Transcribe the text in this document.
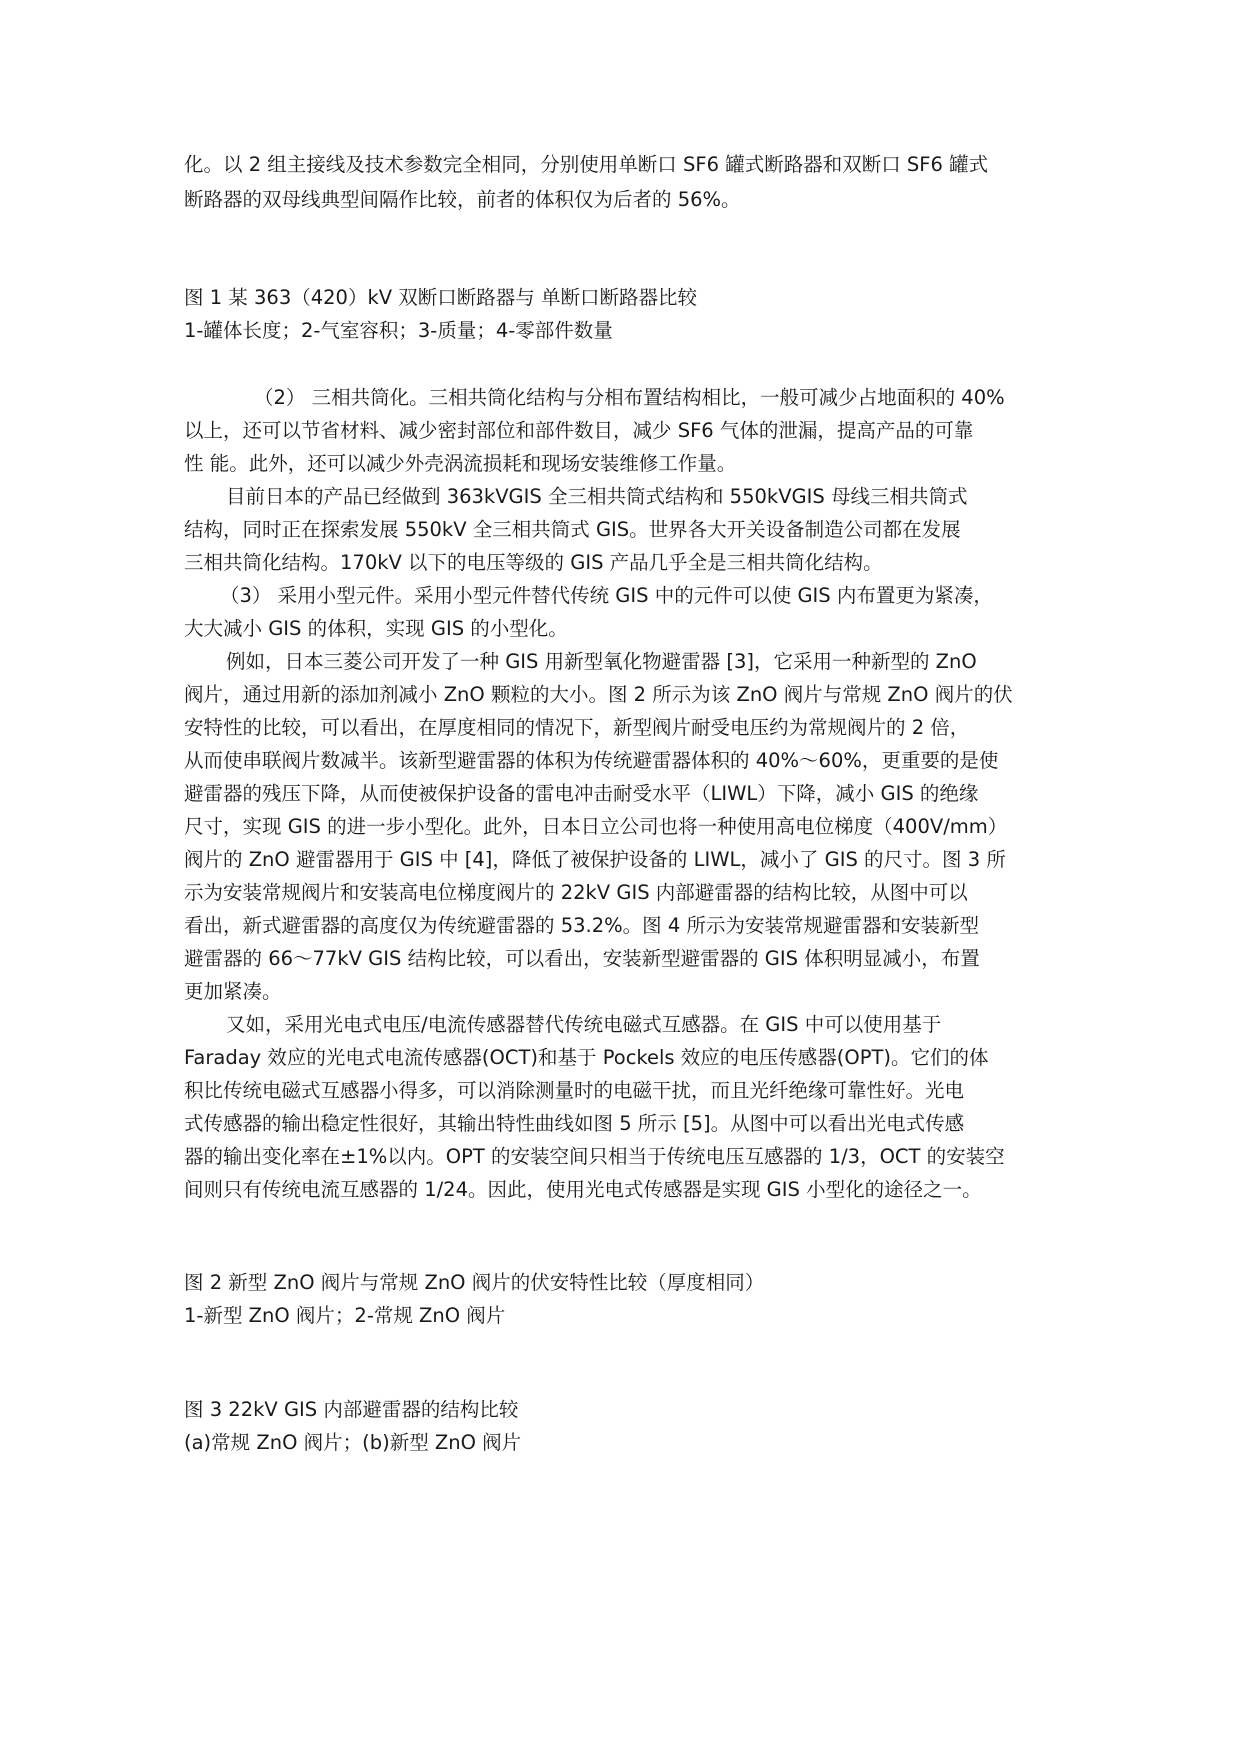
化。以 2 组主接线及技术参数完全相同，分别使用单断口 SF6 罐式断路器和双断口 SF6 罐式
断路器的双母线典型间隔作比较，前者的体积仅为后者的 56%。
图 1 某 363（420）kV 双断口断路器与 单断口断路器比较
1-罐体长度；2-气室容积；3-质量；4-零部件数量
（2） 三相共筒化。三相共筒化结构与分相布置结构相比，一般可减少占地面积的 40%
以上，还可以节省材料、减少密封部位和部件数目，减少 SF6 气体的泄漏，提高产品的可靠
性 能。此外，还可以减少外壳涡流损耗和现场安装维修工作量。
目前日本的产品已经做到 363kVGIS 全三相共筒式结构和 550kVGIS 母线三相共筒式
结构，同时正在探索发展 550kV 全三相共筒式 GIS。世界各大开关设备制造公司都在发展
三相共筒化结构。170kV 以下的电压等级的 GIS 产品几乎全是三相共筒化结构。
（3） 采用小型元件。采用小型元件替代传统 GIS 中的元件可以使 GIS 内布置更为紧凑，
大大减小 GIS 的体积，实现 GIS 的小型化。
例如，日本三菱公司开发了一种 GIS 用新型氧化物避雷器 [3]，它采用一种新型的 ZnO
阀片，通过用新的添加剂减小 ZnO 颗粒的大小。图 2 所示为该 ZnO 阀片与常规 ZnO 阀片的伏
安特性的比较，可以看出，在厚度相同的情况下，新型阀片耐受电压约为常规阀片的 2 倍，
从而使串联阀片数减半。该新型避雷器的体积为传统避雷器体积的 40%～60%，更重要的是使
避雷器的残压下降，从而使被保护设备的雷电冲击耐受水平（LIWL）下降，减小 GIS 的绝缘
尺寸，实现 GIS 的进一步小型化。此外，日本日立公司也将一种使用高电位梯度（400V/mm）
阀片的 ZnO 避雷器用于 GIS 中 [4]，降低了被保护设备的 LIWL，减小了 GIS 的尺寸。图 3 所
示为安装常规阀片和安装高电位梯度阀片的 22kV GIS 内部避雷器的结构比较，从图中可以
看出，新式避雷器的高度仅为传统避雷器的 53.2%。图 4 所示为安装常规避雷器和安装新型
避雷器的 66～77kV GIS 结构比较，可以看出，安装新型避雷器的 GIS 体积明显减小，布置
更加紧凑。
又如，采用光电式电压/电流传感器替代传统电磁式互感器。在 GIS 中可以使用基于
Faraday 效应的光电式电流传感器(OCT)和基于 Pockels 效应的电压传感器(OPT)。它们的体
积比传统电磁式互感器小得多，可以消除测量时的电磁干扰，而且光纤绝缘可靠性好。光电
式传感器的输出稳定性很好，其输出特性曲线如图 5 所示 [5]。从图中可以看出光电式传感
器的输出变化率在±1%以内。OPT 的安装空间只相当于传统电压互感器的 1/3，OCT 的安装空
间则只有传统电流互感器的 1/24。因此，使用光电式传感器是实现 GIS 小型化的途径之一。
图 2 新型 ZnO 阀片与常规 ZnO 阀片的伏安特性比较（厚度相同）
1-新型 ZnO 阀片；2-常规 ZnO 阀片
图 3 22kV GIS 内部避雷器的结构比较
(a)常规 ZnO 阀片；(b)新型 ZnO 阀片
